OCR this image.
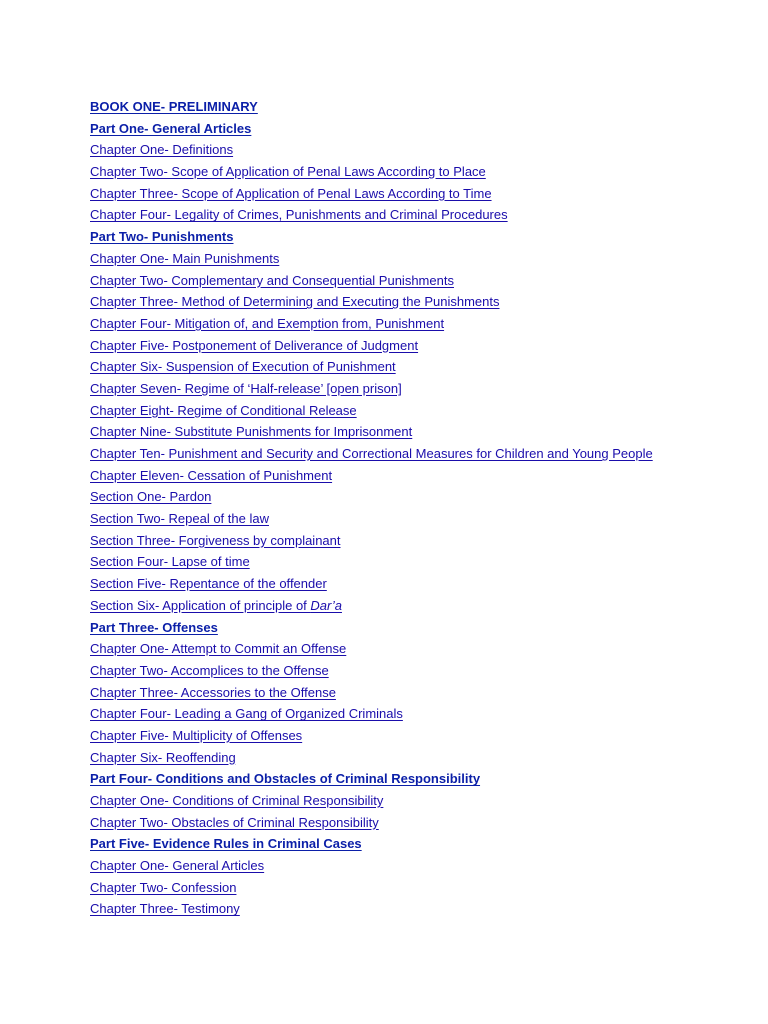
BOOK ONE- PRELIMINARY
Part One- General Articles
Chapter One- Definitions
Chapter Two- Scope of Application of Penal Laws According to Place
Chapter Three- Scope of Application of Penal Laws According to Time
Chapter Four- Legality of Crimes, Punishments and Criminal Procedures
Part Two- Punishments
Chapter One- Main Punishments
Chapter Two- Complementary and Consequential Punishments
Chapter Three- Method of Determining and Executing the Punishments
Chapter Four- Mitigation of, and Exemption from, Punishment
Chapter Five- Postponement of Deliverance of Judgment
Chapter Six- Suspension of Execution of Punishment
Chapter Seven- Regime of ‘Half-release’ [open prison]
Chapter Eight- Regime of Conditional Release
Chapter Nine- Substitute Punishments for Imprisonment
Chapter Ten- Punishment and Security and Correctional Measures for Children and Young People
Chapter Eleven- Cessation of Punishment
Section One- Pardon
Section Two- Repeal of the law
Section Three- Forgiveness by complainant
Section Four- Lapse of time
Section Five- Repentance of the offender
Section Six- Application of principle of Dar’a
Part Three- Offenses
Chapter One- Attempt to Commit an Offense
Chapter Two- Accomplices to the Offense
Chapter Three- Accessories to the Offense
Chapter Four- Leading a Gang of Organized Criminals
Chapter Five- Multiplicity of Offenses
Chapter Six- Reoffending
Part Four- Conditions and Obstacles of Criminal Responsibility
Chapter One- Conditions of Criminal Responsibility
Chapter Two- Obstacles of Criminal Responsibility
Part Five- Evidence Rules in Criminal Cases
Chapter One- General Articles
Chapter Two- Confession
Chapter Three- Testimony
